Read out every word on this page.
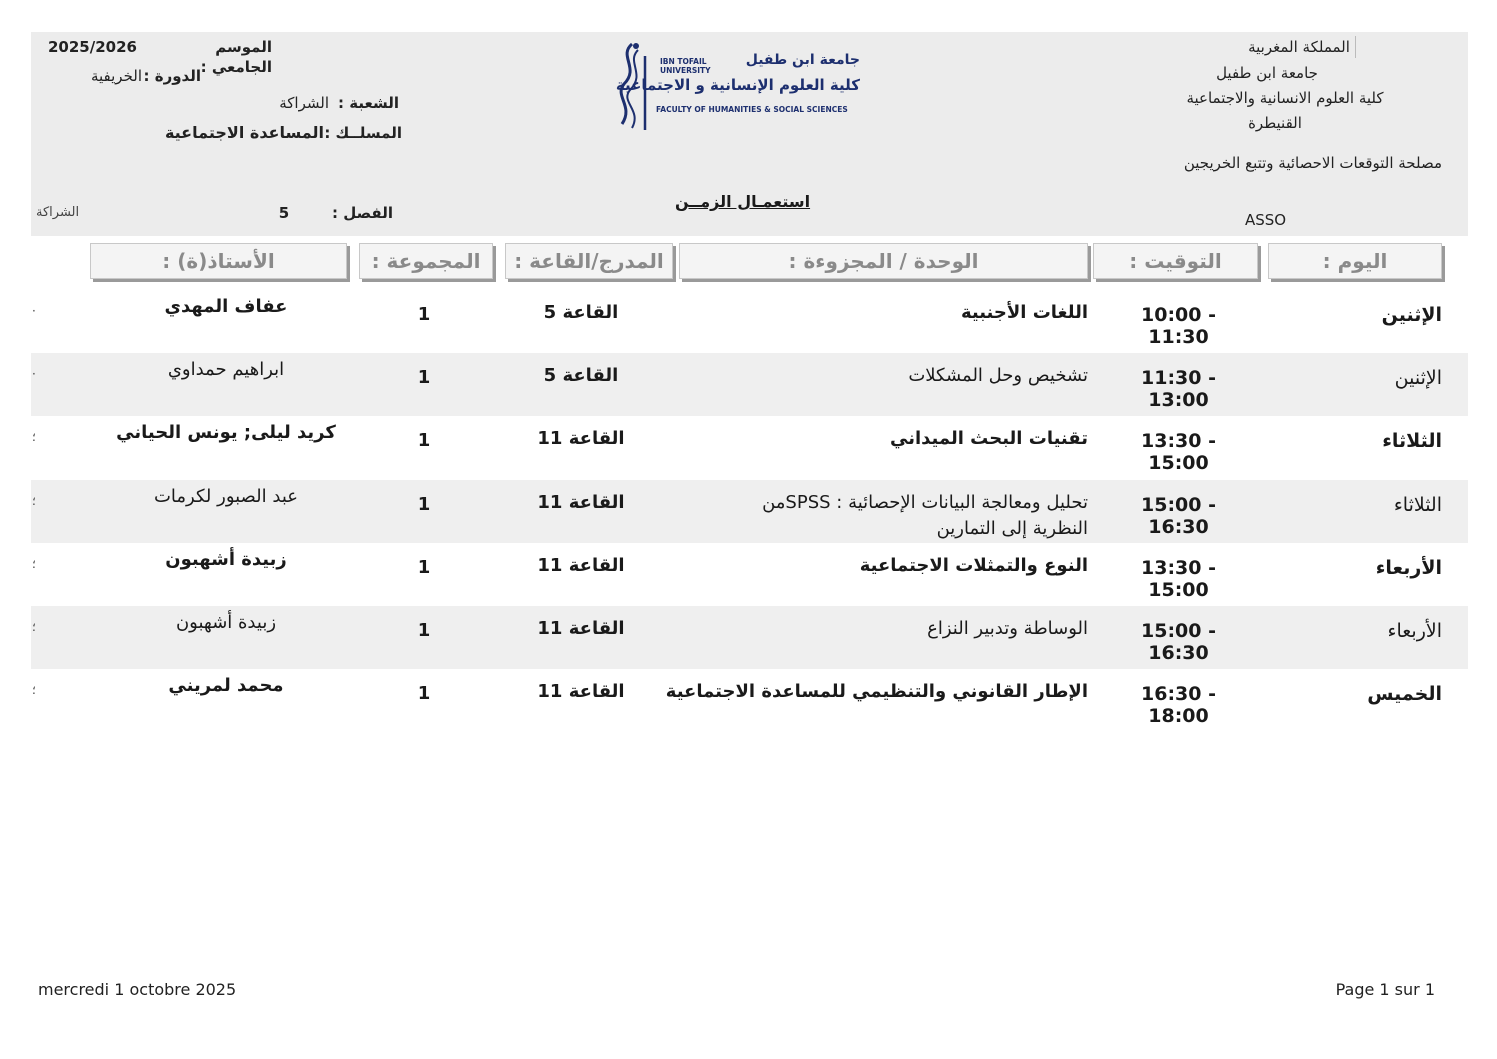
المملكة المغربية
جامعة ابن طفيل
كلية العلوم الانسانية والاجتماعية
القنيطرة
مصلحة التوقعات الاحصائية وتتبع الخريجين
ASSO
الموسم الجامعي :
2025/2026
الدورة :
الخريفية
الشعبة :
الشراكة
المسلــك :
المساعدة الاجتماعية
الفصل :
5
الشراكة
استعمـال الزمــن
IBN TOFAIL UNIVERSITY
جامعة ابن طفيل
كلية العلوم الإنسانية و الاجتماعية
FACULTY OF HUMANITIES & SOCIAL SCIENCES
اليوم :
التوقيت :
الوحدة / المجزوءة :
المدرج/القاعة :
المجموعة :
الأستاذ(ة) :
الإثنين
10:00 - 11:30
اللغات الأجنبية
القاعة 5
1
عفاف المهدي
·
الإثنين
11:30 - 13:00
تشخيص وحل المشكلات
القاعة 5
1
ابراهيم حمداوي
·
الثلاثاء
13:30 - 15:00
تقنيات البحث الميداني
القاعة 11
1
كريد ليلى; يونس الحياني
؛
الثلاثاء
15:00 - 16:30
تحليل ومعالجة البيانات الإحصائية : SPSSمن النظرية إلى التمارين
القاعة 11
1
عبد الصبور لكرمات
؛
الأربعاء
13:30 - 15:00
النوع والتمثلات الاجتماعية
القاعة 11
1
زبيدة أشهبون
؛
الأربعاء
15:00 - 16:30
الوساطة وتدبير النزاع
القاعة 11
1
زبيدة أشهبون
؛
الخميس
16:30 - 18:00
الإطار القانوني والتنظيمي للمساعدة الاجتماعية
القاعة 11
1
محمد لمريني
؛
mercredi 1 octobre 2025	Page 1 sur 1
